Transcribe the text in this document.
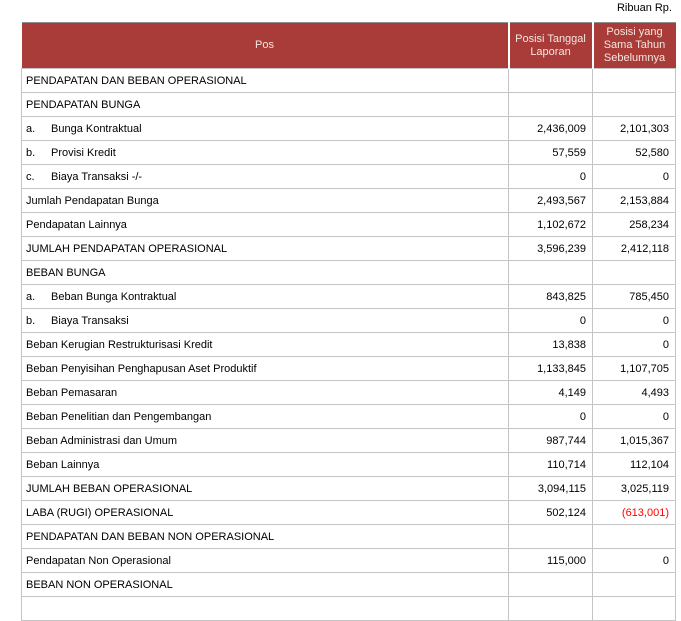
Ribuan Rp.
Pos	Posisi Tanggal Laporan	Posisi yang Sama Tahun Sebelumnya
PENDAPATAN DAN BEBAN OPERASIONAL		
PENDAPATAN BUNGA		
a. Bunga Kontraktual	2,436,009	2,101,303
b. Provisi Kredit	57,559	52,580
c. Biaya Transaksi -/-	0	0
Jumlah Pendapatan Bunga	2,493,567	2,153,884
Pendapatan Lainnya	1,102,672	258,234
JUMLAH PENDAPATAN OPERASIONAL	3,596,239	2,412,118
BEBAN BUNGA		
a. Beban Bunga Kontraktual	843,825	785,450
b. Biaya Transaksi	0	0
Beban Kerugian Restrukturisasi Kredit	13,838	0
Beban Penyisihan Penghapusan Aset Produktif	1,133,845	1,107,705
Beban Pemasaran	4,149	4,493
Beban Penelitian dan Pengembangan	0	0
Beban Administrasi dan Umum	987,744	1,015,367
Beban Lainnya	110,714	112,104
JUMLAH BEBAN OPERASIONAL	3,094,115	3,025,119
LABA (RUGI) OPERASIONAL	502,124	(613,001)
PENDAPATAN DAN BEBAN NON OPERASIONAL		
Pendapatan Non Operasional	115,000	0
BEBAN NON OPERASIONAL		
